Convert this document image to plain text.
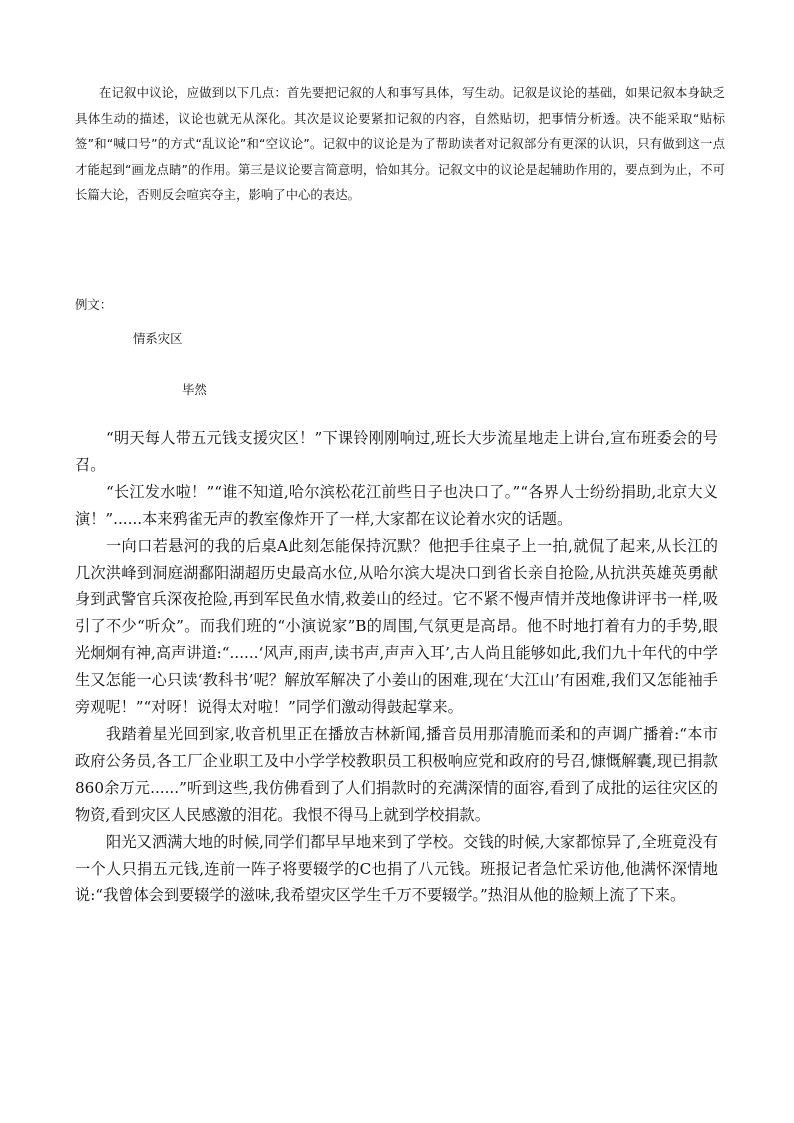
在记叙中议论，应做到以下几点：首先要把记叙的人和事写具体，写生动。记叙是议论的基础，如果记叙本身缺乏具体生动的描述，议论也就无从深化。其次是议论要紧扣记叙的内容，自然贴切，把事情分析透。决不能采取“贴标签”和“喊口号”的方式“乱议论”和“空议论”。记叙中的议论是为了帮助读者对记叙部分有更深的认识，只有做到这一点才能起到“画龙点睛”的作用。第三是议论要言简意明，恰如其分。记叙文中的议论是起辅助作用的，要点到为止，不可长篇大论，否则反会喧宾夺主，影响了中心的表达。

例文：

情系灾区

毕然

“明天每人带五元钱支援灾区！”下课铃刚刚响过,班长大步流星地走上讲台,宣布班委会的号召。

“长江发水啦！”“谁不知道,哈尔滨松花江前些日子也决口了。”“各界人士纷纷捐助,北京大义演！”......本来鸦雀无声的教室像炸开了一样,大家都在议论着水灾的话题。

一向口若悬河的我的后桌A此刻怎能保持沉默？他把手往桌子上一拍,就侃了起来,从长江的几次洪峰到洞庭湖鄱阳湖超历史最高水位,从哈尔滨大堤决口到省长亲自抢险,从抗洪英雄英勇献身到武警官兵深夜抢险,再到军民鱼水情,救姜山的经过。它不紧不慢声情并茂地像讲评书一样,吸引了不少“听众”。而我们班的“小演说家”B的周围,气氛更是高昂。他不时地打着有力的手势,眼光炯炯有神,高声讲道:“......‘风声,雨声,读书声,声声入耳’,古人尚且能够如此,我们九十年代的中学生又怎能一心只读‘教科书’呢？解放军解决了小姜山的困难,现在‘大江山’有困难,我们又怎能袖手旁观呢！”“对呀！说得太对啦！”同学们激动得鼓起掌来。

我踏着星光回到家,收音机里正在播放吉林新闻,播音员用那清脆而柔和的声调广播着:“本市政府公务员,各工厂企业职工及中小学学校教职员工积极响应党和政府的号召,慷慨解囊,现已捐款860余万元......”听到这些,我仿佛看到了人们捐款时的充满深情的面容,看到了成批的运往灾区的物资,看到灾区人民感激的泪花。我恨不得马上就到学校捐款。

阳光又洒满大地的时候,同学们都早早地来到了学校。交钱的时候,大家都惊异了,全班竟没有一个人只捐五元钱,连前一阵子将要辍学的C也捐了八元钱。班报记者急忙采访他,他满怀深情地说:“我曾体会到要辍学的滋味,我希望灾区学生千万不要辍学。”热泪从他的脸颊上流了下来。
